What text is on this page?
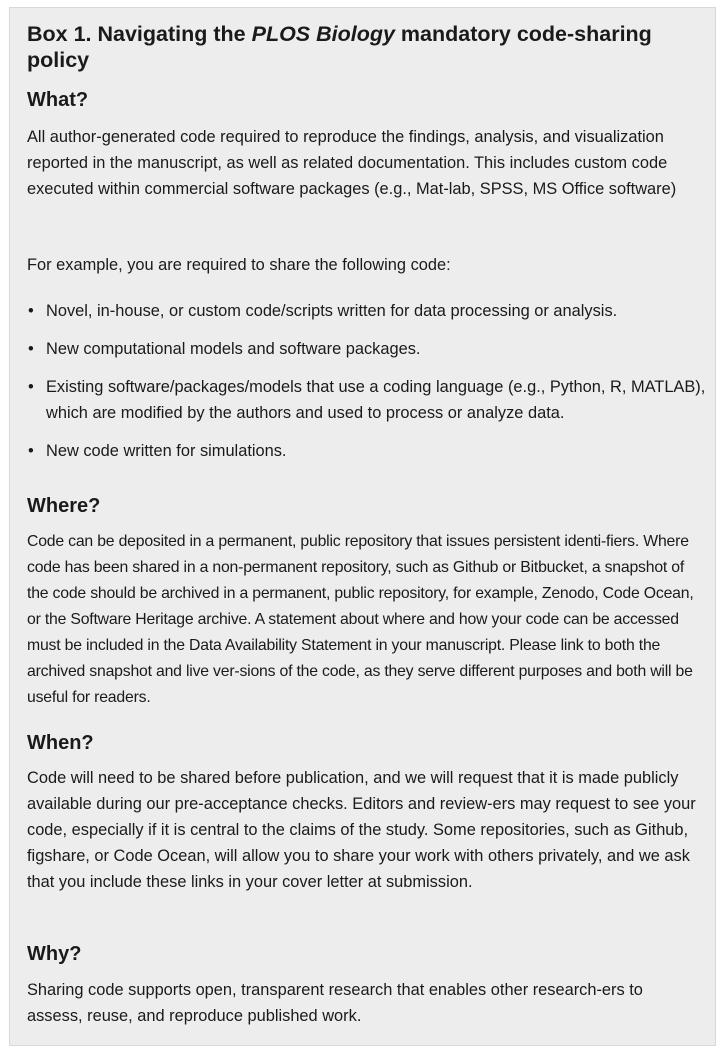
Box 1. Navigating the PLOS Biology mandatory code-sharing policy
What?

All author-generated code required to reproduce the findings, analysis, and visualization reported in the manuscript, as well as related documentation. This includes custom code executed within commercial software packages (e.g., Mat-lab, SPSS, MS Office software)

For example, you are required to share the following code:

• Novel, in-house, or custom code/scripts written for data processing or analysis.
• New computational models and software packages.
• Existing software/packages/models that use a coding language (e.g., Python, R, MATLAB), which are modified by the authors and used to process or analyze data.
• New code written for simulations.
Where?

Code can be deposited in a permanent, public repository that issues persistent identi-fiers. Where code has been shared in a non-permanent repository, such as Github or Bitbucket, a snapshot of the code should be archived in a permanent, public repository, for example, Zenodo, Code Ocean, or the Software Heritage archive. A statement about where and how your code can be accessed must be included in the Data Availability Statement in your manuscript. Please link to both the archived snapshot and live ver-sions of the code, as they serve different purposes and both will be useful for readers.

When?

Code will need to be shared before publication, and we will request that it is made publicly available during our pre-acceptance checks. Editors and review-ers may request to see your code, especially if it is central to the claims of the study. Some repositories, such as Github, figshare, or Code Ocean, will allow you to share your work with others privately, and we ask that you include these links in your cover letter at submission.

Why?

Sharing code supports open, transparent research that enables other research-ers to assess, reuse, and reproduce published work.
